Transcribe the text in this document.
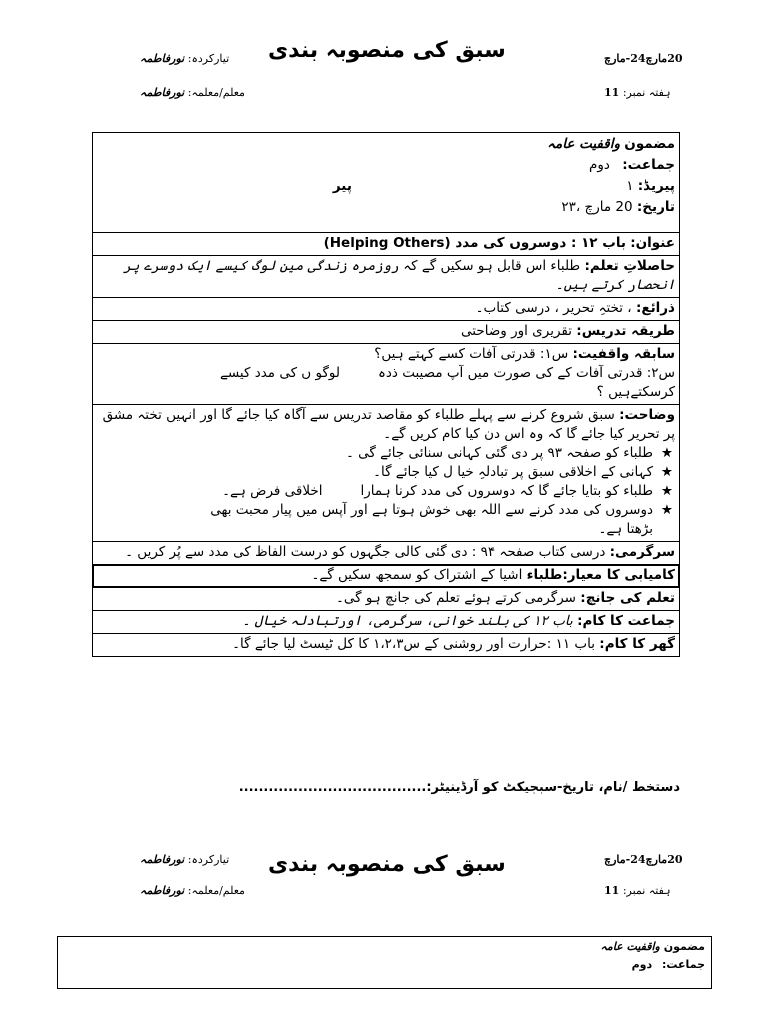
سبق کی منصوبہ بندی
تیارکردہ: نورفاطمہ
معلم/معلمہ: نورفاطمہ
20مارچ24-مارچ
ہفتہ نمبر: 11
مضمون واقفیت عامہ
جماعت: دوم
پیریڈ: ۱ پیر
تاریخ: 20 مارچ ،۲۳

عنوان: باب ۱۲ : دوسروں کی مدد (Helping Others)
حاصلاتِ تعلم: طلباء اس قابل ہو سکیں گے کہ روزمرہ زندگی مین لوگ کیسے ایک دوسرے پر انحصار کرتے ہیں۔
ذرائع: ، تختہِ تحریر ، درسی کتاب۔
طریقہ تدریس: تقریری اور وضاحتی

سابقہ واقفیت: س۱: قدرتی آفات کسے کہتے ہیں؟
س۲: قدرتی آفات کے کی صورت میں آپ مصیبت ذدہلوگو ں کی مدد کیسے
کرسکتےہیں ؟

وضاحت: سبق شروع کرنے سے پہلے طلباء کو مقاصد تدریس سے آگاہ کیا جائے گا اور انہیں تختہ مشق پر تحریر کیا جائے گا کہ وہ اس دن کیا کام کریں گے۔
★
طلباء کو صفحہ ۹۳ پر دی گئی کہانی سنائی جائے گی ۔
★
کہانی کے اخلاقی سبق پر تبادلہِ خیا ل کیا جائے گا۔
★
طلباء کو بتایا جائے گا کہ دوسروں کی مدد کرنا ہمارااخلاقی فرض ہے۔
★
دوسروں کی مدد کرنے سے اللہ بھی خوش ہوتا ہے اور آپس میں پیار محبت بھی
بڑھتا ہے۔

سرگرمی: درسی کتاب صفحہ ۹۴ : دی گئی کالی جگہوں کو درست الفاظ کی مدد سے پُر کریں ۔
کامیابی کا معیار:طلباء اشیا کے اشتراک کو سمجھ سکیں گے۔
تعلم کی جانچ: سرگرمی کرتے ہوئے تعلم کی جانچ ہو گی۔
جماعت کا کام: باب ۱۲ کی بلند خوانی، سرگرمی، اورتبادلہ خیال ۔
گھر کا کام: باب ۱۱ :حرارت اور روشنی کے س۱،۲،۳ کا کل ٹیسٹ لیا جائے گا۔
دستخط /نام، تاریخ-سبجیکٹ کو آرڈینیٹر:......................................
سبق کی منصوبہ بندی
تیارکردہ: نورفاطمہ
معلم/معلمہ: نورفاطمہ
20مارچ24-مارچ
ہفتہ نمبر: 11
مضمون واقفیت عامہ
جماعت: دوم
